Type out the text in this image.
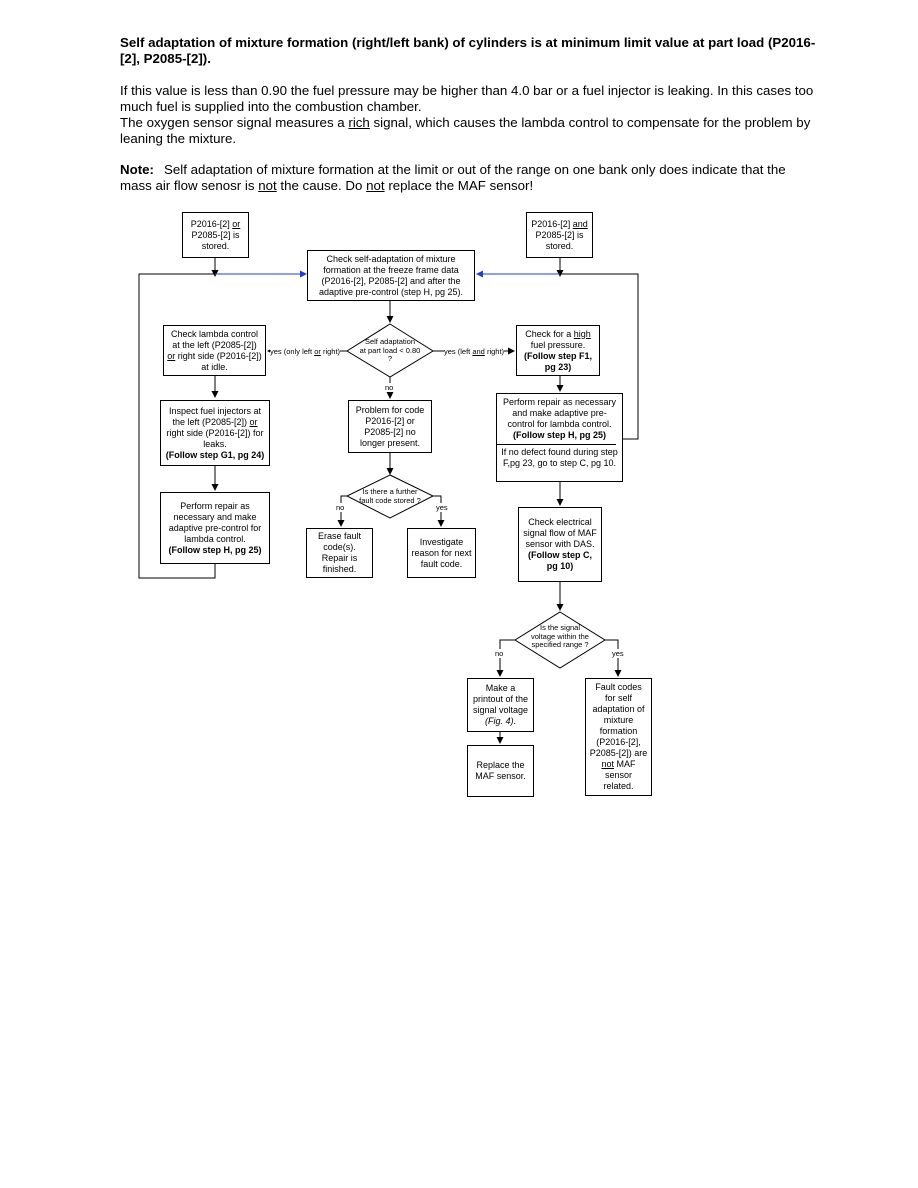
Self adaptation of mixture formation (right/left bank) of cylinders is at minimum limit value at part load (P2016-[2], P2085-[2]).
If this value is less than 0.90 the fuel pressure may be higher than 4.0 bar or a fuel injector is leaking. In this cases too much fuel is supplied into the combustion chamber.
The oxygen sensor signal measures a rich signal, which causes the lambda control to compensate for the problem by leaning the mixture.
Note: Self adaptation of mixture formation at the limit or out of the range on one bank only does indicate that the mass air flow senosr is not the cause. Do not replace the MAF sensor!
P2016-[2] or P2085-[2] is stored.
P2016-[2] and P2085-[2] is stored.
Check self-adaptation of mixture formation at the freeze frame data (P2016-[2], P2085-[2] and after the adaptive pre-control (step H, pg 25).
Self adaptation
at part load < 0.80
?
yes (only left or right)	yes (left and right)
no
Check lambda control at the left (P2085-[2]) or right side (P2016-[2]) at idle.
Inspect fuel injectors at the left (P2085-[2]) or right side (P2016-[2]) for leaks.
(Follow step G1, pg 24)
Perform repair as necessary and make adaptive pre-control for lambda control.
(Follow step H, pg 25)
Check for a high fuel pressure.
(Follow step F1, pg 23)
Perform repair as necessary and make adaptive pre-control for lambda control.
(Follow step H, pg 25)
If no defect found during step F,pg 23, go to step C, pg 10.
Problem for code P2016-[2] or P2085-[2] no longer present.
Is there a further
fault code stored ?
no	yes
Erase fault code(s). Repair is finished.
Investigate reason for next fault code.
Check electrical signal flow of MAF sensor with DAS.
(Follow step C, pg 10)
Is the signal
voltage within the
specified range ?
no	yes
Make a printout of the signal voltage (Fig. 4).
Replace the MAF sensor.
Fault codes for self adaptation of mixture formation (P2016-[2], P2085-[2]) are not MAF sensor related.
